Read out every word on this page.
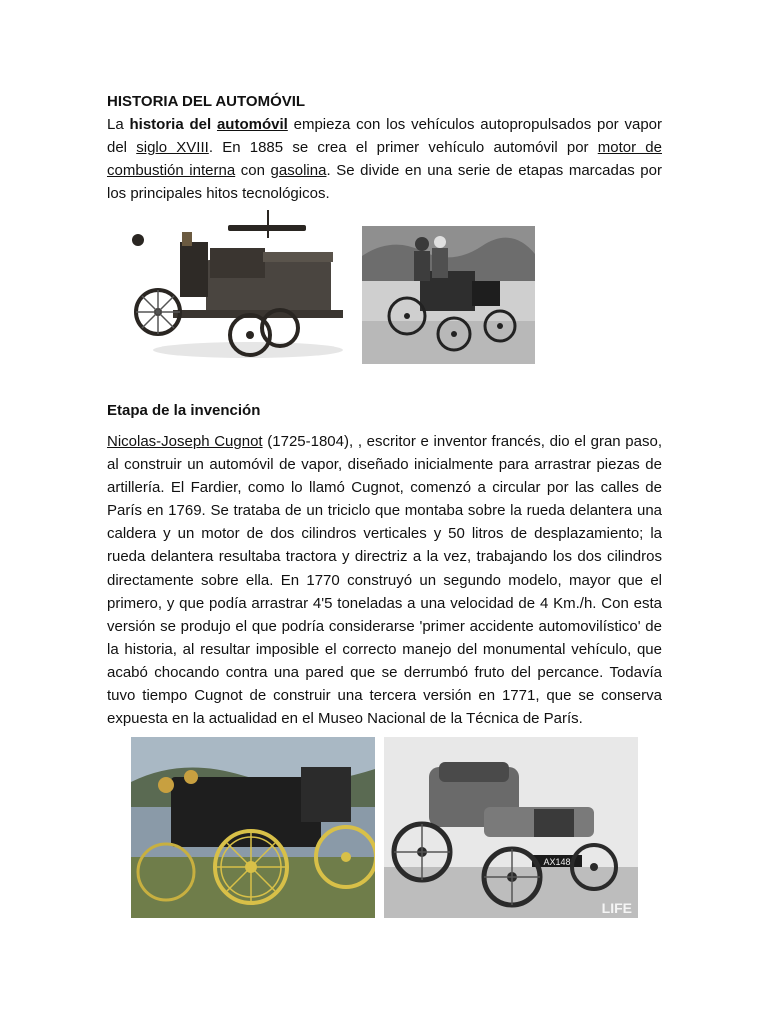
HISTORIA DEL AUTOMÓVIL

La historia del automóvil empieza con los vehículos autopropulsados por vapor del siglo XVIII. En 1885 se crea el primer vehículo automóvil por motor de combustión interna con gasolina. Se divide en una serie de etapas marcadas por los principales hitos tecnológicos.

Etapa de la invención

Nicolas-Joseph Cugnot (1725-1804), , escritor e inventor francés, dio el gran paso, al construir un automóvil de vapor, diseñado inicialmente para arrastrar piezas de artillería. El Fardier, como lo llamó Cugnot, comenzó a circular por las calles de París en 1769. Se trataba de un triciclo que montaba sobre la rueda delantera una caldera y un motor de dos cilindros verticales y 50 litros de desplazamiento; la rueda delantera resultaba tractora y directriz a la vez, trabajando los dos cilindros directamente sobre ella. En 1770 construyó un segundo modelo, mayor que el primero, y que podía arrastrar 4'5 toneladas a una velocidad de 4 Km./h. Con esta versión se produjo el que podría considerarse 'primer accidente automovilístico' de la historia, al resultar imposible el correcto manejo del monumental vehículo, que acabó chocando contra una pared que se derrumbó fruto del percance. Todavía tuvo tiempo Cugnot de construir una tercera versión en 1771, que se conserva expuesta en la actualidad en el Museo Nacional de la Técnica de París.

AX148
LIFE
